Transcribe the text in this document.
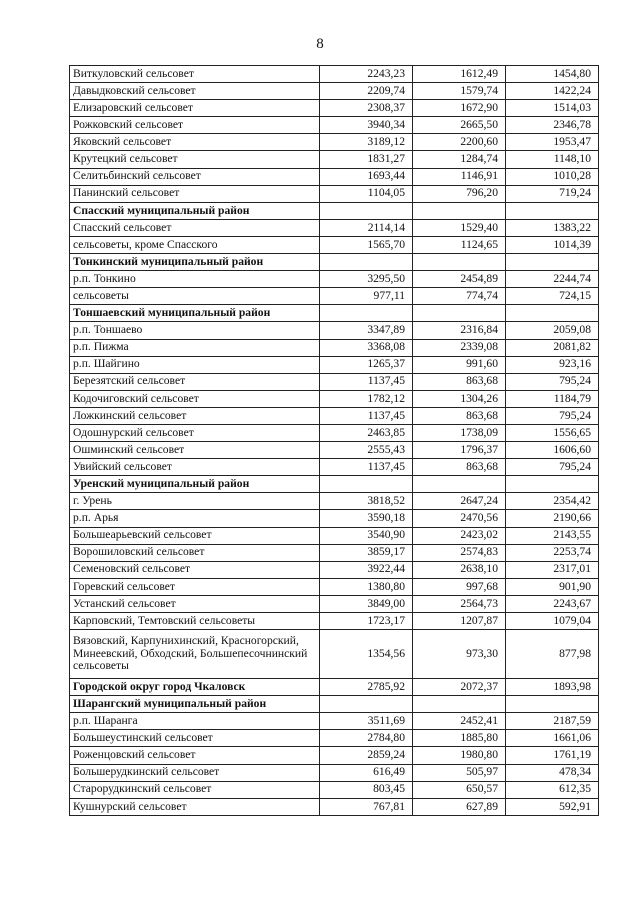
8
Виткуловский сельсовет	2243,23	1612,49	1454,80
Давыдковский сельсовет	2209,74	1579,74	1422,24
Елизаровский сельсовет	2308,37	1672,90	1514,03
Рожковский сельсовет	3940,34	2665,50	2346,78
Яковский сельсовет	3189,12	2200,60	1953,47
Крутецкий сельсовет	1831,27	1284,74	1148,10
Селитьбинский сельсовет	1693,44	1146,91	1010,28
Панинский сельсовет	1104,05	796,20	719,24
Спасский муниципальный район			
Спасский сельсовет	2114,14	1529,40	1383,22
сельсоветы, кроме Спасского	1565,70	1124,65	1014,39
Тонкинский муниципальный район			
р.п. Тонкино	3295,50	2454,89	2244,74
сельсоветы	977,11	774,74	724,15
Тоншаевский муниципальный район			
р.п. Тоншаево	3347,89	2316,84	2059,08
р.п. Пижма	3368,08	2339,08	2081,82
р.п. Шайгино	1265,37	991,60	923,16
Березятский сельсовет	1137,45	863,68	795,24
Кодочиговский сельсовет	1782,12	1304,26	1184,79
Ложкинский сельсовет	1137,45	863,68	795,24
Одошнурский сельсовет	2463,85	1738,09	1556,65
Ошминский сельсовет	2555,43	1796,37	1606,60
Увийский сельсовет	1137,45	863,68	795,24
Уренский муниципальный район			
г. Урень	3818,52	2647,24	2354,42
р.п. Арья	3590,18	2470,56	2190,66
Большеарьевский сельсовет	3540,90	2423,02	2143,55
Ворошиловский сельсовет	3859,17	2574,83	2253,74
Семеновский сельсовет	3922,44	2638,10	2317,01
Горевский сельсовет	1380,80	997,68	901,90
Устанский сельсовет	3849,00	2564,73	2243,67
Карповский, Темтовский сельсоветы	1723,17	1207,87	1079,04
Вязовский, Карпунихинский, Красногорский, Минеевский, Обходский, Большепесочнинский сельсоветы	1354,56	973,30	877,98
Городской округ город Чкаловск	2785,92	2072,37	1893,98
Шарангский муниципальный район			
р.п. Шаранга	3511,69	2452,41	2187,59
Большеустинский сельсовет	2784,80	1885,80	1661,06
Роженцовский сельсовет	2859,24	1980,80	1761,19
Большерудкинский сельсовет	616,49	505,97	478,34
Старорудкинский сельсовет	803,45	650,57	612,35
Кушнурский сельсовет	767,81	627,89	592,91
